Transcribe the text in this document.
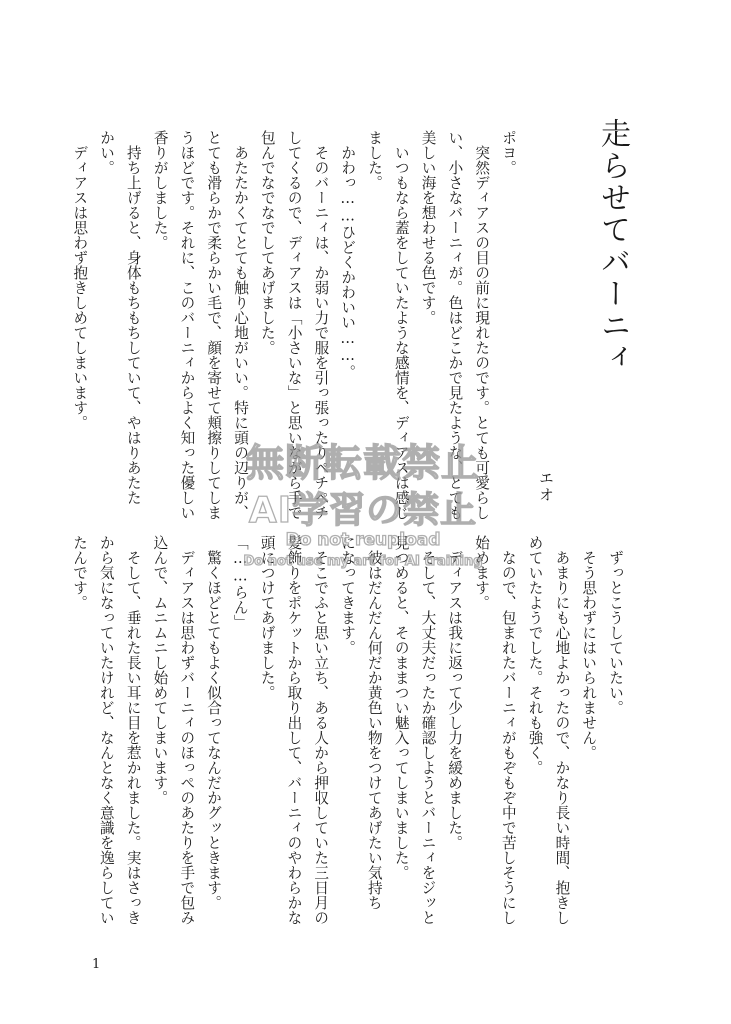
走らせてバーニィ
エオ
ポヨ。
　突然ディアスの目の前に現れたのです。とても可愛らし
い、小さなバーニィが。色はどこかで見たような、とても
美しい海を想わせる色です。
　いつもなら蓋をしていたような感情を、ディアスは感じ
ました。
　かわっ……ひどくかわいい……。
　そのバーニィは、か弱い力で服を引っ張ったりペチペチ
してくるので、ディアスは「小さいな」と思いながら手で
包んでなでなでしてあげました。
　あたたかくてとても触り心地がいい。特に頭の辺りが、
とても滑らかで柔らかい毛で、顔を寄せて頬擦りしてしま
うほどです。それに、このバーニィからよく知った優しい
香りがしました。
　持ち上げると、身体もちもちしていて、やはりあたた
かい。
　ディアスは思わず抱きしめてしまいます。
　ずっとこうしていたい。
　そう思わずにはいられません。
　あまりにも心地よかったので、かなり長い時間、抱きし
めていたようでした。それも強く。
　なので、包まれたバーニィがもぞもぞ中で苦しそうにし
始めます。
　ディアスは我に返って少し力を緩めました。
　そして、大丈夫だったか確認しようとバーニィをジッと
見つめると、そのままつい魅入ってしまいました。
　彼はだんだん何だか黄色い物をつけてあげたい気持ち
になってきます。
　そこでふと思い立ち、ある人から押収していた三日月の
髪飾りをポケットから取り出して、バーニィのやわらかな
頭につけてあげました。
「……らん」
　驚くほどとてもよく似合ってなんだかグッときます。
　ディアスは思わずバーニィのほっぺのあたりを手で包み
込んで、ムニムニし始めてしまいます。
　そして、垂れた長い耳に目を惹かれました。実はさっき
から気になっていたけれど、なんとなく意識を逸らしてい
たんです。
無断転載禁止
AI学習の禁止
Do not reupload
Do not use my art for AI training
1
